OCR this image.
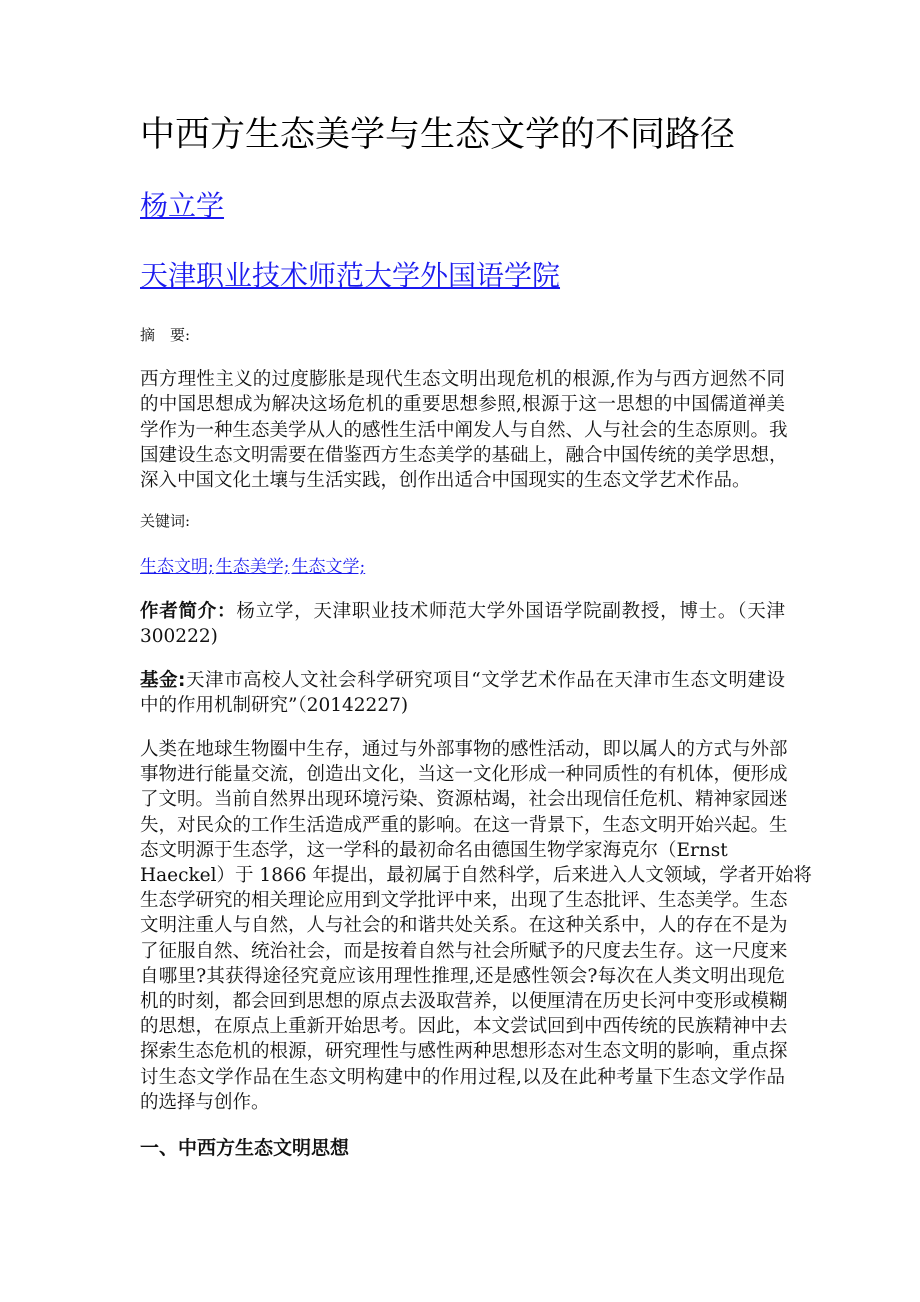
中西方生态美学与生态文学的不同路径
杨立学
天津职业技术师范大学外国语学院
摘　要:
西方理性主义的过度膨胀是现代生态文明出现危机的根源,作为与西方迥然不同
的中国思想成为解决这场危机的重要思想参照,根源于这一思想的中国儒道禅美
学作为一种生态美学从人的感性生活中阐发人与自然、人与社会的生态原则。我
国建设生态文明需要在借鉴西方生态美学的基础上，融合中国传统的美学思想，
深入中国文化土壤与生活实践，创作出适合中国现实的生态文学艺术作品。
关键词:
生态文明; 生态美学; 生态文学;
作者简介：杨立学，天津职业技术师范大学外国语学院副教授，博士。（天津
300222)
基金:天津市高校人文社会科学研究项目“文学艺术作品在天津市生态文明建设
中的作用机制研究”（20142227)
人类在地球生物圈中生存，通过与外部事物的感性活动，即以属人的方式与外部
事物进行能量交流，创造出文化，当这一文化形成一种同质性的有机体，便形成
了文明。当前自然界出现环境污染、资源枯竭，社会出现信任危机、精神家园迷
失，对民众的工作生活造成严重的影响。在这一背景下，生态文明开始兴起。生
态文明源于生态学，这一学科的最初命名由德国生物学家海克尔（Ernst
Haeckel）于 1866 年提出，最初属于自然科学，后来进入人文领域，学者开始将
生态学研究的相关理论应用到文学批评中来，出现了生态批评、生态美学。生态
文明注重人与自然，人与社会的和谐共处关系。在这种关系中，人的存在不是为
了征服自然、统治社会，而是按着自然与社会所赋予的尺度去生存。这一尺度来
自哪里?其获得途径究竟应该用理性推理,还是感性领会?每次在人类文明出现危
机的时刻，都会回到思想的原点去汲取营养，以便厘清在历史长河中变形或模糊
的思想，在原点上重新开始思考。因此，本文尝试回到中西传统的民族精神中去
探索生态危机的根源，研究理性与感性两种思想形态对生态文明的影响，重点探
讨生态文学作品在生态文明构建中的作用过程,以及在此种考量下生态文学作品
的选择与创作。
一、中西方生态文明思想
